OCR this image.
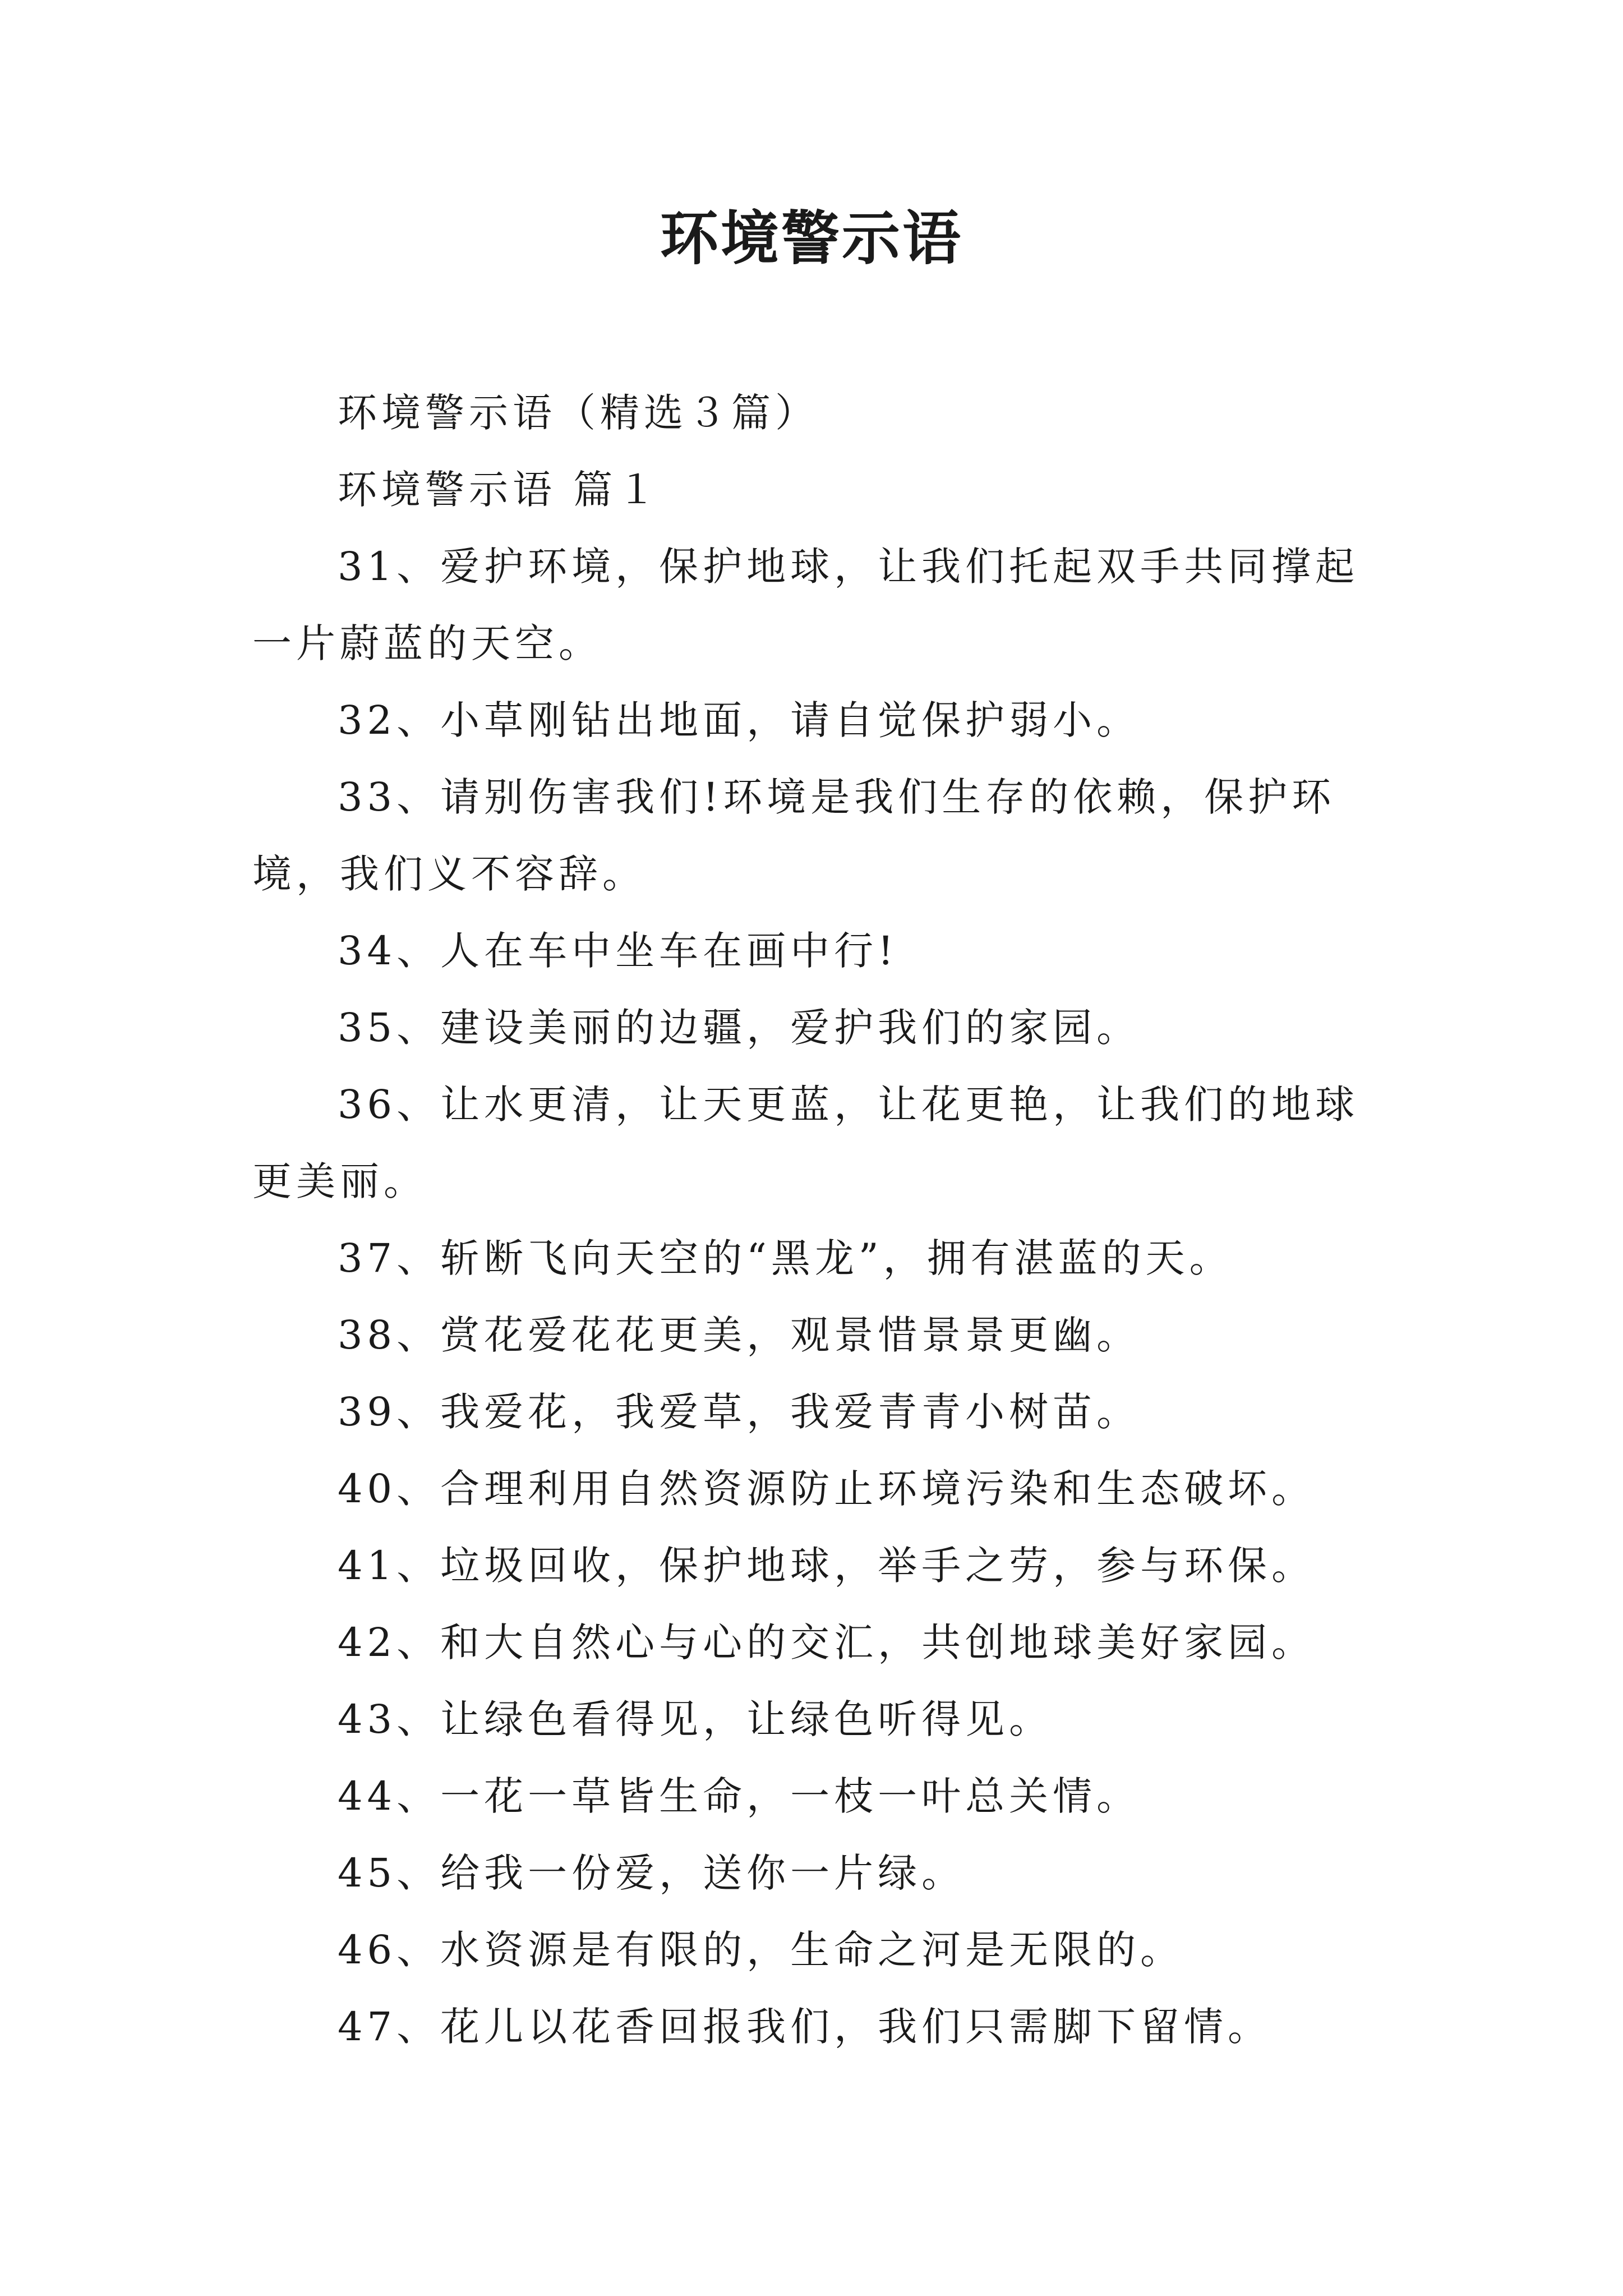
环境警示语

环境警示语（精选３篇）

环境警示语 篇１

31、爱护环境，保护地球，让我们托起双手共同撑起一片蔚蓝的天空。

32、小草刚钻出地面，请自觉保护弱小。

33、请别伤害我们!环境是我们生存的依赖，保护环境，我们义不容辞。

34、人在车中坐车在画中行!

35、建设美丽的边疆，爱护我们的家园。

36、让水更清，让天更蓝，让花更艳，让我们的地球更美丽。

37、斩断飞向天空的“黑龙”，拥有湛蓝的天。

38、赏花爱花花更美，观景惜景景更幽。

39、我爱花，我爱草，我爱青青小树苗。

40、合理利用自然资源防止环境污染和生态破坏。

41、垃圾回收，保护地球，举手之劳，参与环保。

42、和大自然心与心的交汇，共创地球美好家园。

43、让绿色看得见，让绿色听得见。

44、一花一草皆生命，一枝一叶总关情。

45、给我一份爱，送你一片绿。

46、水资源是有限的，生命之河是无限的。

47、花儿以花香回报我们，我们只需脚下留情。
